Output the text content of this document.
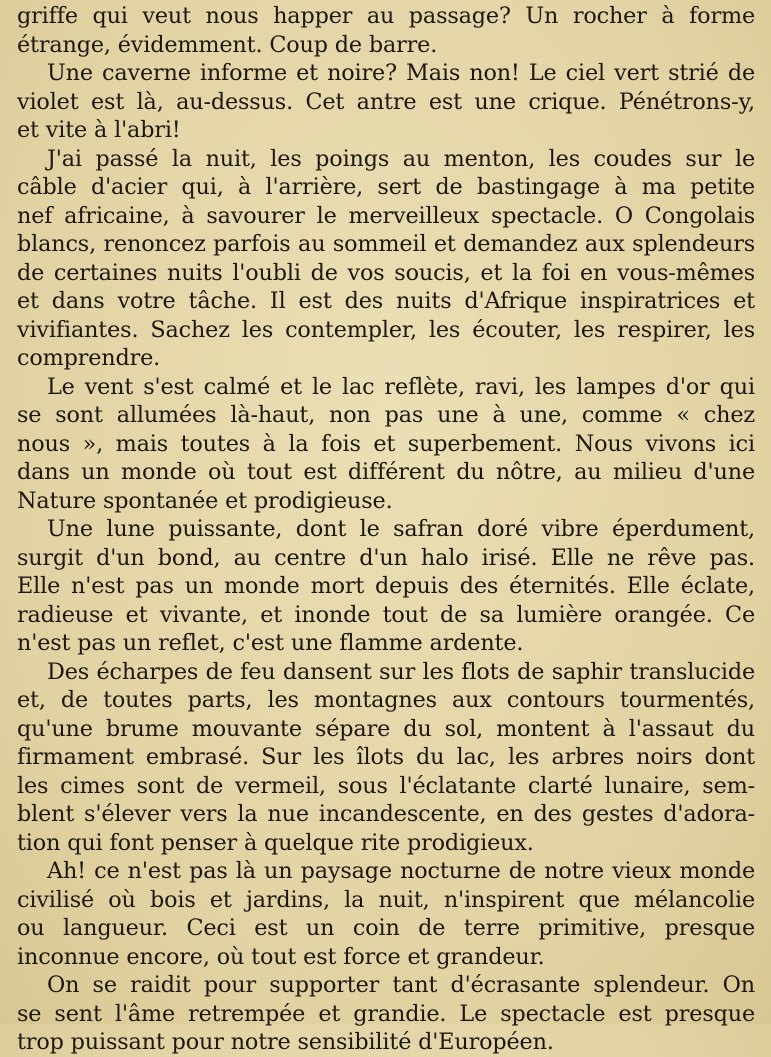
griffe qui veut nous happer au passage? Un rocher à forme
étrange, évidemment. Coup de barre.
Une caverne informe et noire? Mais non! Le ciel vert strié de
violet est là, au-dessus. Cet antre est une crique. Pénétrons-y,
et vite à l'abri!
J'ai passé la nuit, les poings au menton, les coudes sur le
câble d'acier qui, à l'arrière, sert de bastingage à ma petite
nef africaine, à savourer le merveilleux spectacle. O Congolais
blancs, renoncez parfois au sommeil et demandez aux splendeurs
de certaines nuits l'oubli de vos soucis, et la foi en vous-mêmes
et dans votre tâche. Il est des nuits d'Afrique inspiratrices et
vivifiantes. Sachez les contempler, les écouter, les respirer, les
comprendre.
Le vent s'est calmé et le lac reflète, ravi, les lampes d'or qui
se sont allumées là-haut, non pas une à une, comme « chez
nous », mais toutes à la fois et superbement. Nous vivons ici
dans un monde où tout est différent du nôtre, au milieu d'une
Nature spontanée et prodigieuse.
Une lune puissante, dont le safran doré vibre éperdument,
surgit d'un bond, au centre d'un halo irisé. Elle ne rêve pas.
Elle n'est pas un monde mort depuis des éternités. Elle éclate,
radieuse et vivante, et inonde tout de sa lumière orangée. Ce
n'est pas un reflet, c'est une flamme ardente.
Des écharpes de feu dansent sur les flots de saphir translucide
et, de toutes parts, les montagnes aux contours tourmentés,
qu'une brume mouvante sépare du sol, montent à l'assaut du
firmament embrasé. Sur les îlots du lac, les arbres noirs dont
les cimes sont de vermeil, sous l'éclatante clarté lunaire, sem-
blent s'élever vers la nue incandescente, en des gestes d'adora-
tion qui font penser à quelque rite prodigieux.
Ah! ce n'est pas là un paysage nocturne de notre vieux monde
civilisé où bois et jardins, la nuit, n'inspirent que mélancolie
ou langueur. Ceci est un coin de terre primitive, presque
inconnue encore, où tout est force et grandeur.
On se raidit pour supporter tant d'écrasante splendeur. On
se sent l'âme retrempée et grandie. Le spectacle est presque
trop puissant pour notre sensibilité d'Européen.
